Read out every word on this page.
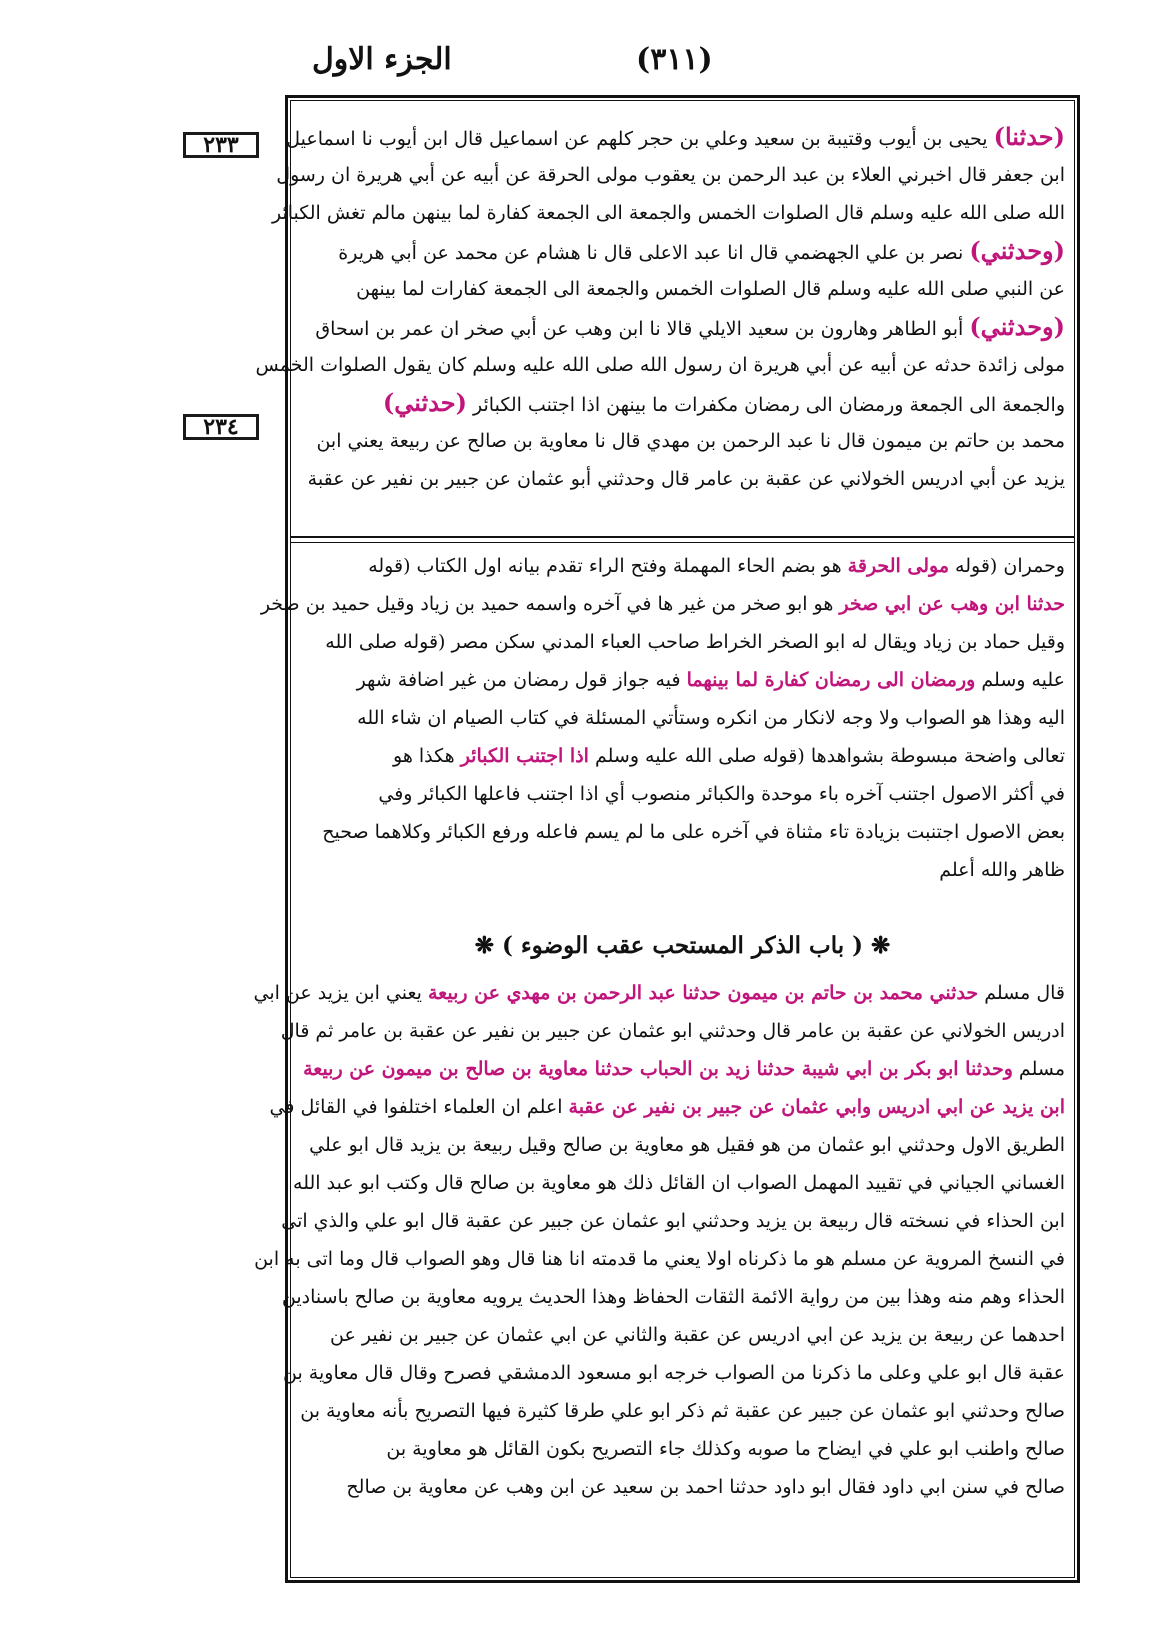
الجزء الاول	(٣١١)
٢٣٣
٢٣٤
(حدثنا) يحيى بن أيوب وقتيبة بن سعيد وعلي بن حجر كلهم عن اسماعيل قال ابن أيوب نا اسماعيل
ابن جعفر قال اخبرني العلاء بن عبد الرحمن بن يعقوب مولى الحرقة عن أبيه عن أبي هريرة ان رسول
الله صلى الله عليه وسلم قال الصلوات الخمس والجمعة الى الجمعة كفارة لما بينهن مالم تغش الكبائر
(وحدثني) نصر بن علي الجهضمي قال انا عبد الاعلى قال نا هشام عن محمد عن أبي هريرة
عن النبي صلى الله عليه وسلم قال الصلوات الخمس والجمعة الى الجمعة كفارات لما بينهن
(وحدثني) أبو الطاهر وهارون بن سعيد الايلي قالا نا ابن وهب عن أبي صخر ان عمر بن اسحاق
مولى زائدة حدثه عن أبيه عن أبي هريرة ان رسول الله صلى الله عليه وسلم كان يقول الصلوات الخمس
والجمعة الى الجمعة ورمضان الى رمضان مكفرات ما بينهن اذا اجتنب الكبائر (حدثني)
محمد بن حاتم بن ميمون قال نا عبد الرحمن بن مهدي قال نا معاوية بن صالح عن ربيعة يعني ابن
يزيد عن أبي ادريس الخولاني عن عقبة بن عامر قال وحدثني أبو عثمان عن جبير بن نفير عن عقبة
وحمران (قوله مولى الحرقة هو بضم الحاء المهملة وفتح الراء تقدم بيانه اول الكتاب (قوله
حدثنا ابن وهب عن ابي صخر هو ابو صخر من غير ها في آخره واسمه حميد بن زياد وقيل حميد بن صخر
وقيل حماد بن زياد ويقال له ابو الصخر الخراط صاحب العباء المدني سكن مصر (قوله صلى الله
عليه وسلم ورمضان الى رمضان كفارة لما بينهما فيه جواز قول رمضان من غير اضافة شهر
اليه وهذا هو الصواب ولا وجه لانكار من انكره وستأتي المسئلة في كتاب الصيام ان شاء الله
تعالى واضحة مبسوطة بشواهدها (قوله صلى الله عليه وسلم اذا اجتنب الكبائر هكذا هو
في أكثر الاصول اجتنب آخره باء موحدة والكبائر منصوب أي اذا اجتنب فاعلها الكبائر وفي
بعض الاصول اجتنبت بزيادة تاء مثناة في آخره على ما لم يسم فاعله ورفع الكبائر وكلاهما صحيح
ظاهر والله أعلم
❋ ( باب الذكر المستحب عقب الوضوء ) ❋
قال مسلم حدثني محمد بن حاتم بن ميمون حدثنا عبد الرحمن بن مهدي عن ربيعة يعني ابن يزيد عن ابي
ادريس الخولاني عن عقبة بن عامر قال وحدثني ابو عثمان عن جبير بن نفير عن عقبة بن عامر ثم قال
مسلم وحدثنا ابو بكر بن ابي شيبة حدثنا زيد بن الحباب حدثنا معاوية بن صالح بن ميمون عن ربيعة
ابن يزيد عن ابي ادريس وابي عثمان عن جبير بن نفير عن عقبة اعلم ان العلماء اختلفوا في القائل في
الطريق الاول وحدثني ابو عثمان من هو فقيل هو معاوية بن صالح وقيل ربيعة بن يزيد قال ابو علي
الغساني الجياني في تقييد المهمل الصواب ان القائل ذلك هو معاوية بن صالح قال وكتب ابو عبد الله
ابن الحذاء في نسخته قال ربيعة بن يزيد وحدثني ابو عثمان عن جبير عن عقبة قال ابو علي والذي اتى
في النسخ المروية عن مسلم هو ما ذكرناه اولا يعني ما قدمته انا هنا قال وهو الصواب قال وما اتى به ابن
الحذاء وهم منه وهذا بين من رواية الائمة الثقات الحفاظ وهذا الحديث يرويه معاوية بن صالح باسنادين
احدهما عن ربيعة بن يزيد عن ابي ادريس عن عقبة والثاني عن ابي عثمان عن جبير بن نفير عن
عقبة قال ابو علي وعلى ما ذكرنا من الصواب خرجه ابو مسعود الدمشقي فصرح وقال قال معاوية بن
صالح وحدثني ابو عثمان عن جبير عن عقبة ثم ذكر ابو علي طرقا كثيرة فيها التصريح بأنه معاوية بن
صالح واطنب ابو علي في ايضاح ما صوبه وكذلك جاء التصريح بكون القائل هو معاوية بن
صالح في سنن ابي داود فقال ابو داود حدثنا احمد بن سعيد عن ابن وهب عن معاوية بن صالح
